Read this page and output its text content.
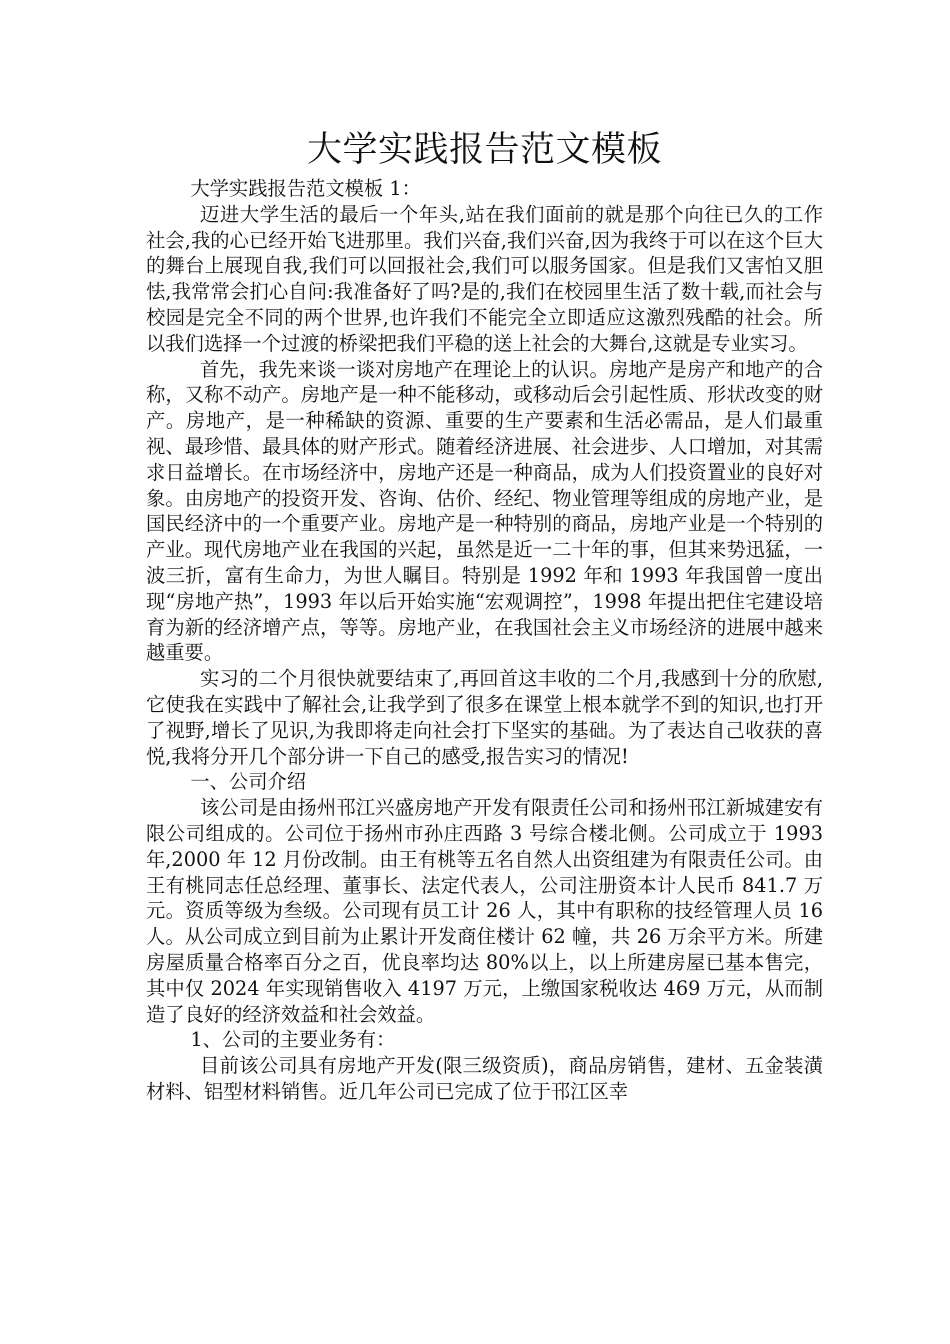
大学实践报告范文模板

大学实践报告范文模板 1：

迈进大学生活的最后一个年头,站在我们面前的就是那个向往已久的工作社会,我的心已经开始飞进那里。我们兴奋,我们兴奋,因为我终于可以在这个巨大的舞台上展现自我,我们可以回报社会,我们可以服务国家。但是我们又害怕又胆怯,我常常会扪心自问:我准备好了吗?是的,我们在校园里生活了数十载,而社会与校园是完全不同的两个世界,也许我们不能完全立即适应这激烈残酷的社会。所以我们选择一个过渡的桥梁把我们平稳的送上社会的大舞台,这就是专业实习。

首先，我先来谈一谈对房地产在理论上的认识。房地产是房产和地产的合称，又称不动产。房地产是一种不能移动，或移动后会引起性质、形状改变的财产。房地产，是一种稀缺的资源、重要的生产要素和生活必需品，是人们最重视、最珍惜、最具体的财产形式。随着经济进展、社会进步、人口增加，对其需求日益增长。在市场经济中，房地产还是一种商品，成为人们投资置业的良好对象。由房地产的投资开发、咨询、估价、经纪、物业管理等组成的房地产业，是国民经济中的一个重要产业。房地产是一种特别的商品，房地产业是一个特别的产业。现代房地产业在我国的兴起，虽然是近一二十年的事，但其来势迅猛，一波三折，富有生命力，为世人瞩目。特别是 1992 年和 1993 年我国曾一度出现“房地产热”，1993 年以后开始实施“宏观调控”，1998 年提出把住宅建设培育为新的经济增产点，等等。房地产业，在我国社会主义市场经济的进展中越来越重要。

实习的二个月很快就要结束了,再回首这丰收的二个月,我感到十分的欣慰,它使我在实践中了解社会,让我学到了很多在课堂上根本就学不到的知识,也打开了视野,增长了见识,为我即将走向社会打下坚实的基础。为了表达自己收获的喜悦,我将分开几个部分讲一下自己的感受,报告实习的情况!

一、公司介绍

该公司是由扬州邗江兴盛房地产开发有限责任公司和扬州邗江新城建安有限公司组成的。公司位于扬州市孙庄西路 3 号综合楼北侧。公司成立于 1993 年,2000 年 12 月份改制。由王有桃等五名自然人出资组建为有限责任公司。由王有桃同志任总经理、董事长、法定代表人，公司注册资本计人民币 841.7 万元。资质等级为叁级。公司现有员工计 26 人，其中有职称的技经管理人员 16 人。从公司成立到目前为止累计开发商住楼计 62 幢，共 26 万余平方米。所建房屋质量合格率百分之百，优良率均达 80%以上，以上所建房屋已基本售完，其中仅 2024 年实现销售收入 4197 万元，上缴国家税收达 469 万元，从而制造了良好的经济效益和社会效益。

1、公司的主要业务有：

目前该公司具有房地产开发(限三级资质)，商品房销售，建材、五金装潢材料、铝型材料销售。近几年公司已完成了位于邗江区幸
